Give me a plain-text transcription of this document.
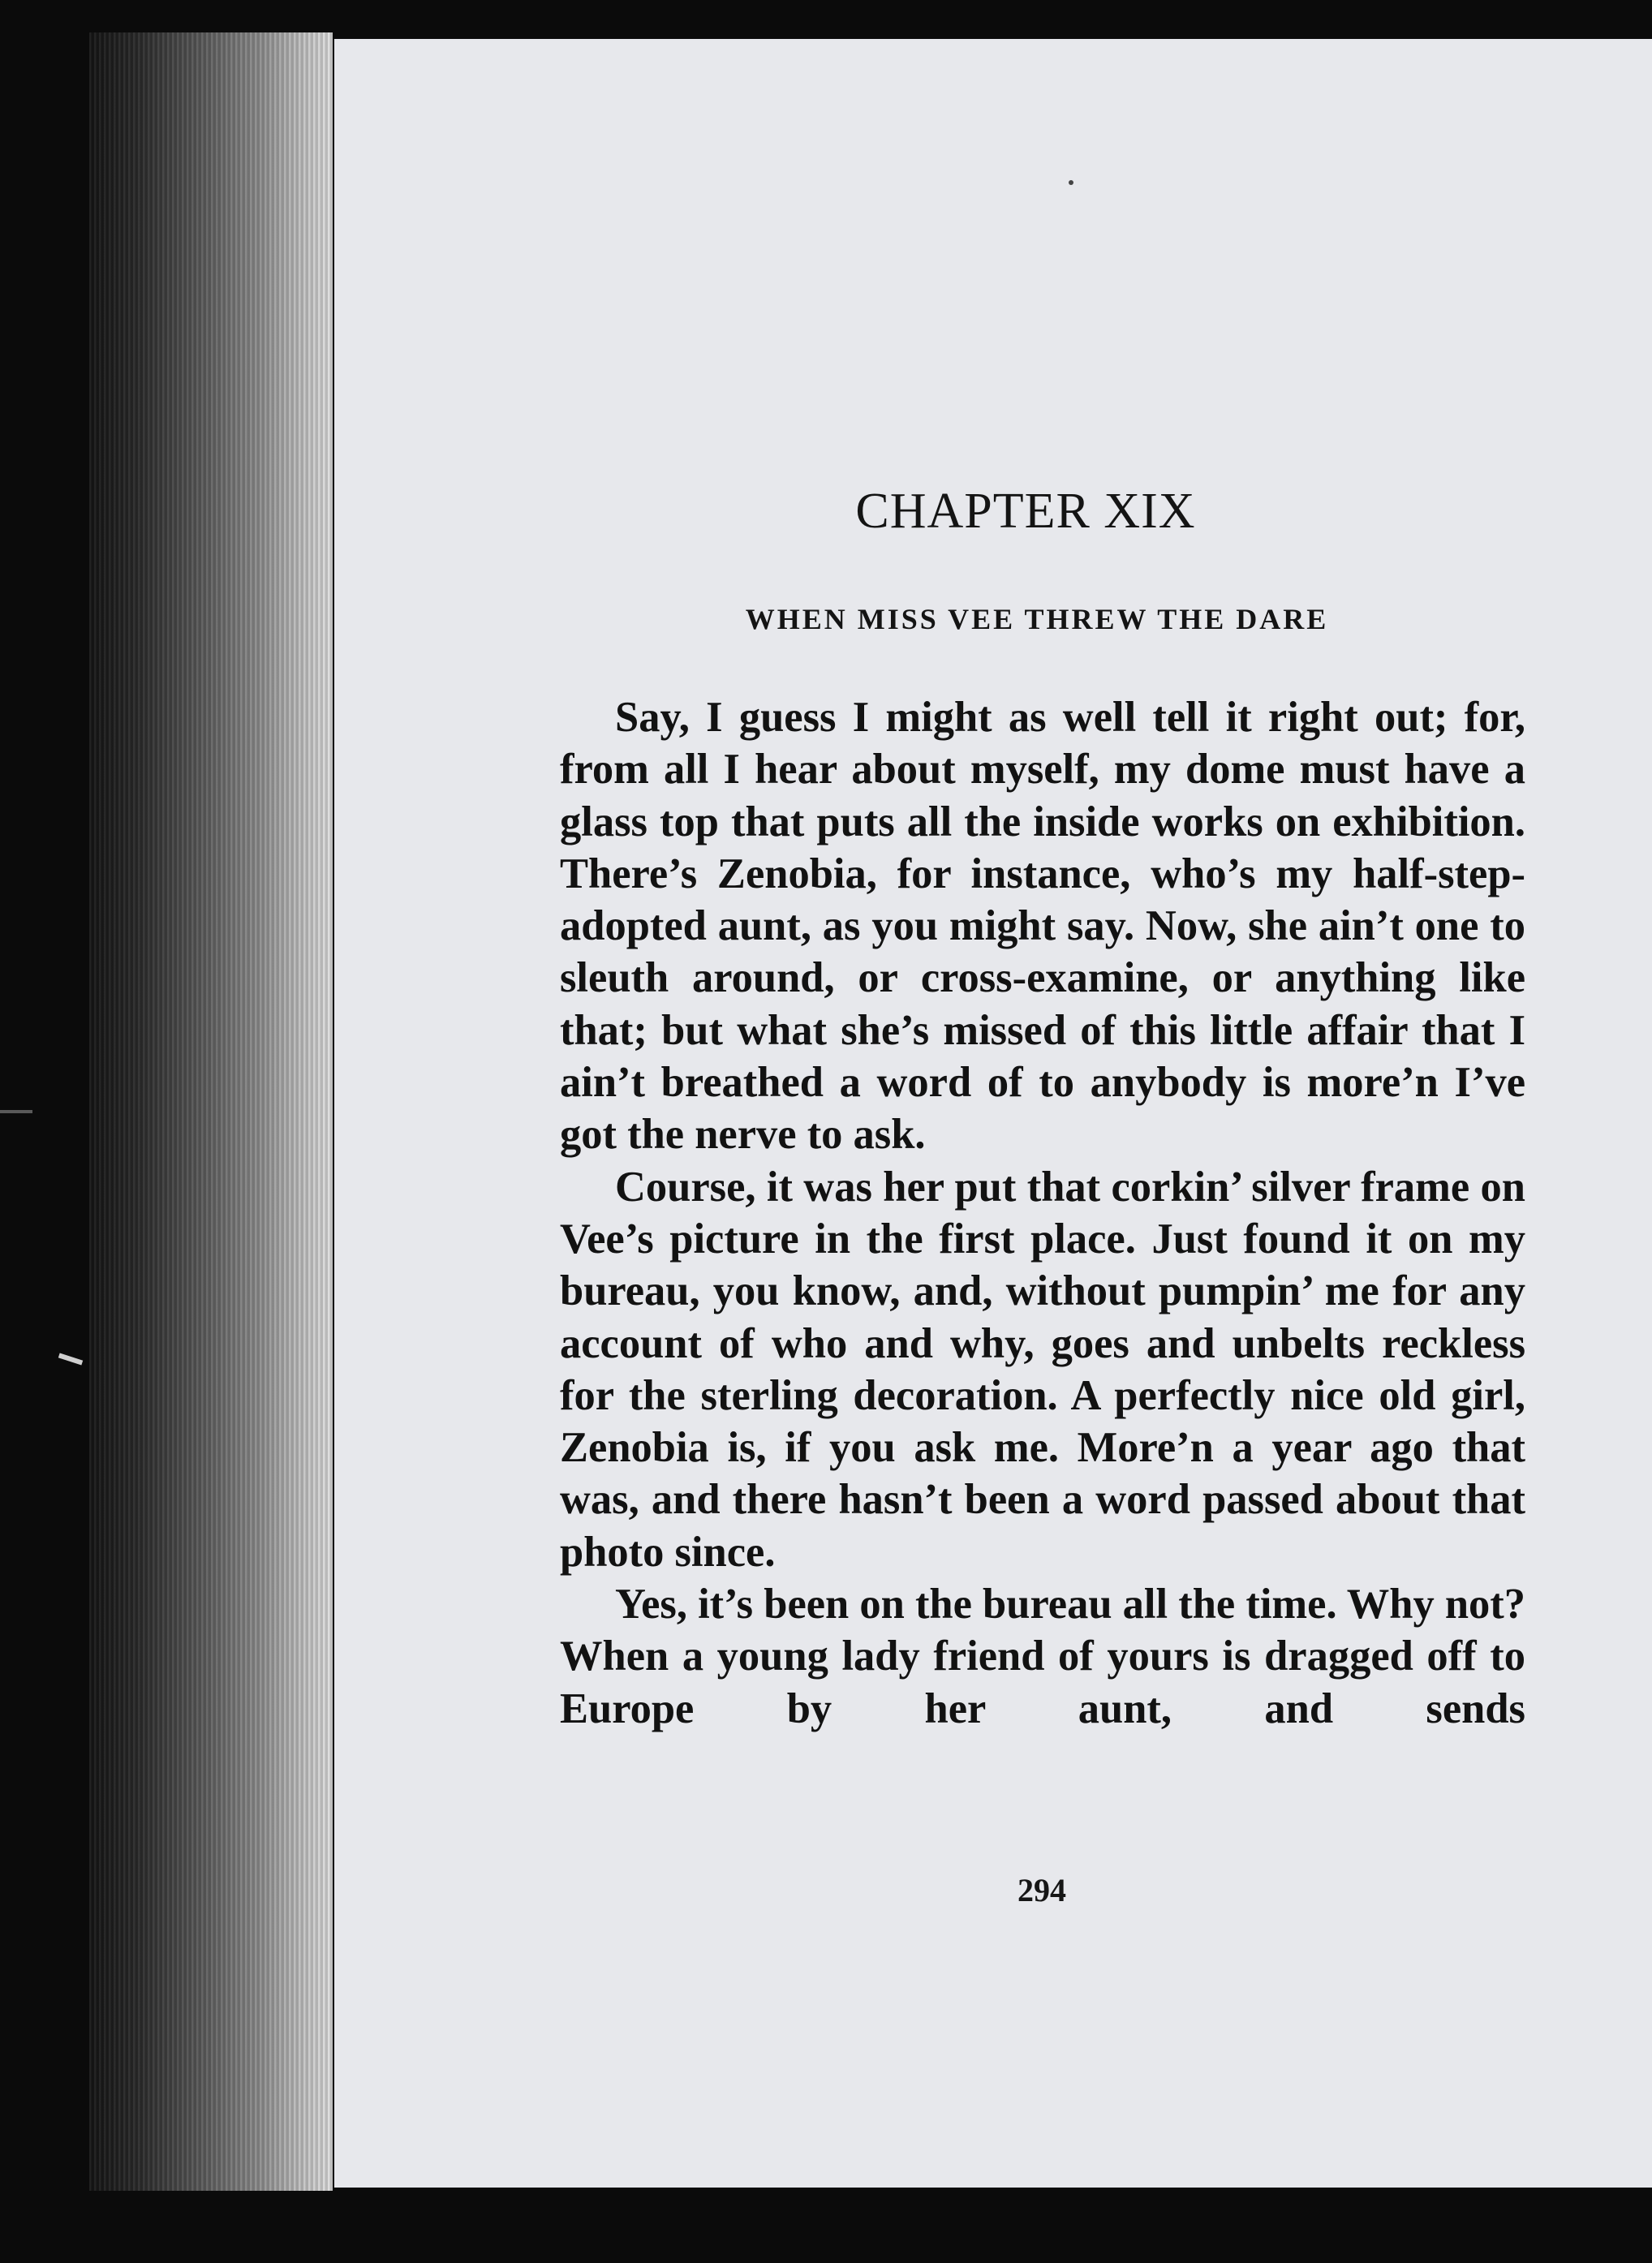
CHAPTER XIX
WHEN MISS VEE THREW THE DARE

Say, I guess I might as well tell it right out; for, from all I hear about myself, my dome must have a glass top that puts all the inside works on exhibition. There’s Zenobia, for instance, who’s my half-step-adopted aunt, as you might say. Now, she ain’t one to sleuth around, or cross-examine, or anything like that; but what she’s missed of this little affair that I ain’t breathed a word of to anybody is more’n I’ve got the nerve to ask.

Course, it was her put that corkin’ silver frame on Vee’s picture in the first place. Just found it on my bureau, you know, and, without pumpin’ me for any account of who and why, goes and unbelts reckless for the sterling decoration. A perfectly nice old girl, Zenobia is, if you ask me. More’n a year ago that was, and there hasn’t been a word passed about that photo since.

Yes, it’s been on the bureau all the time. Why not? When a young lady friend of yours is dragged off to Europe by her aunt, and sends

294
